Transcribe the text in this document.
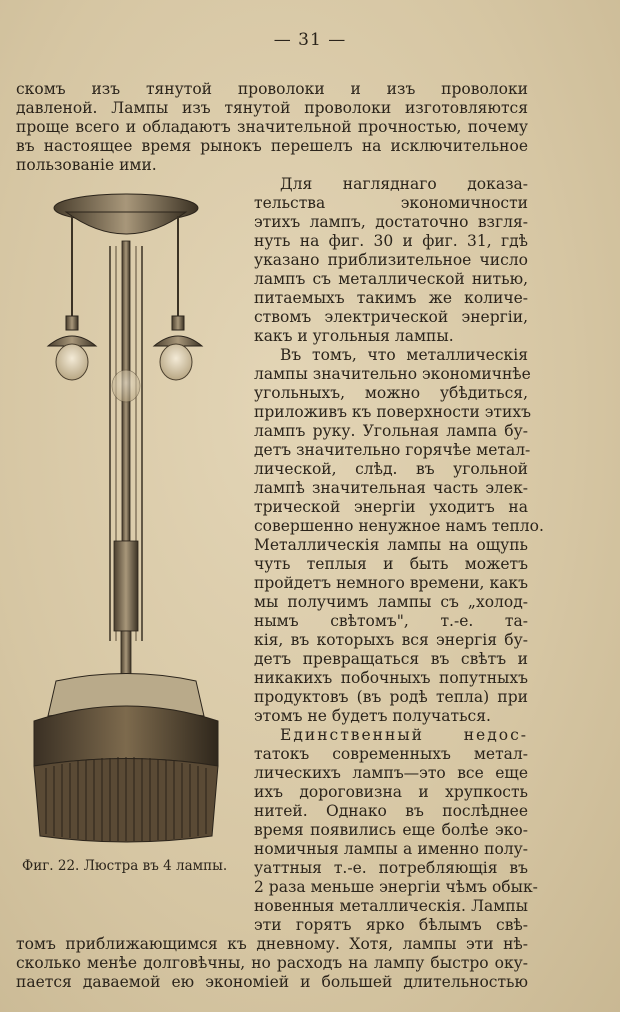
— 31 —
скомъ изъ тянутой проволоки и изъ проволоки
давленой. Лампы изъ тянутой проволоки изготовляются
проще всего и обладаютъ значительной прочностью, почему
въ настоящее время рынокъ перешелъ на исключительное
пользованіе ими.
Для нагляднаго доказа-
тельства экономичности
этихъ лампъ, достаточно взгля-
нуть на фиг. 30 и фиг. 31, гдѣ
указано приблизительное число
лампъ съ металлической нитью,
питаемыхъ такимъ же количе-
ствомъ электрической энергіи,
какъ и угольныя лампы.
Въ томъ, что металлическія
лампы значительно экономичнѣе
угольныхъ, можно убѣдиться,
приложивъ къ поверхности этихъ
лампъ руку. Угольная лампа бу-
детъ значительно горячѣе метал-
лической, слѣд. въ угольной
лампѣ значительная часть элек-
трической энергіи уходитъ на
совершенно ненужное намъ тепло.
Металлическія лампы на ощупь
чуть теплыя и быть можетъ
пройдетъ немного времени, какъ
мы получимъ лампы съ „холод-
нымъ свѣтомъ", т.-е. та-
кія, въ которыхъ вся энергія бу-
детъ превращаться въ свѣтъ и
никакихъ побочныхъ попутныхъ
продуктовъ (въ родѣ тепла) при
этомъ не будетъ получаться.
Единственный недос-
татокъ современныхъ метал-
лическихъ лампъ—это все еще
ихъ дороговизна и хрупкость
нитей. Однако въ послѣднее
время появились еще болѣе эко-
номичныя лампы а именно полу-
уаттныя т.-е. потребляющія въ
2 раза меньше энергіи чѣмъ обык-
новенныя металлическія. Лампы
эти горятъ ярко бѣлымъ свѣ-
томъ приближающимся къ дневному. Хотя, лампы эти нѣ-
сколько менѣе долговѣчны, но расходъ на лампу быстро оку-
пается даваемой ею экономіей и большей длительностью
Фиг. 22. Люстра въ 4 лампы.
